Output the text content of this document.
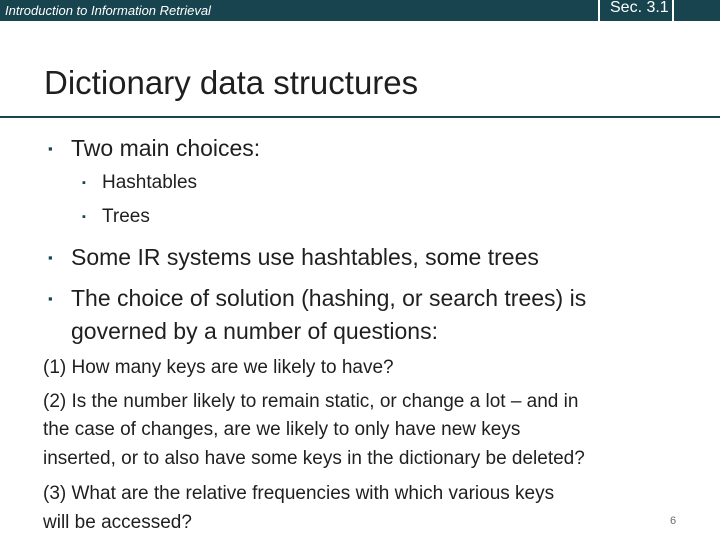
Introduction to Information Retrieval	Sec. 3.1
Dictionary data structures
▪ Two main choices:
▪ Hashtables
▪ Trees
▪ Some IR systems use hashtables, some trees
▪ The choice of solution (hashing, or search trees) is
governed by a number of questions:
(1) How many keys are we likely to have?
(2) Is the number likely to remain static, or change a lot – and in
the case of changes, are we likely to only have new keys
inserted, or to also have some keys in the dictionary be deleted?
(3) What are the relative frequencies with which various keys
will be accessed?	6
